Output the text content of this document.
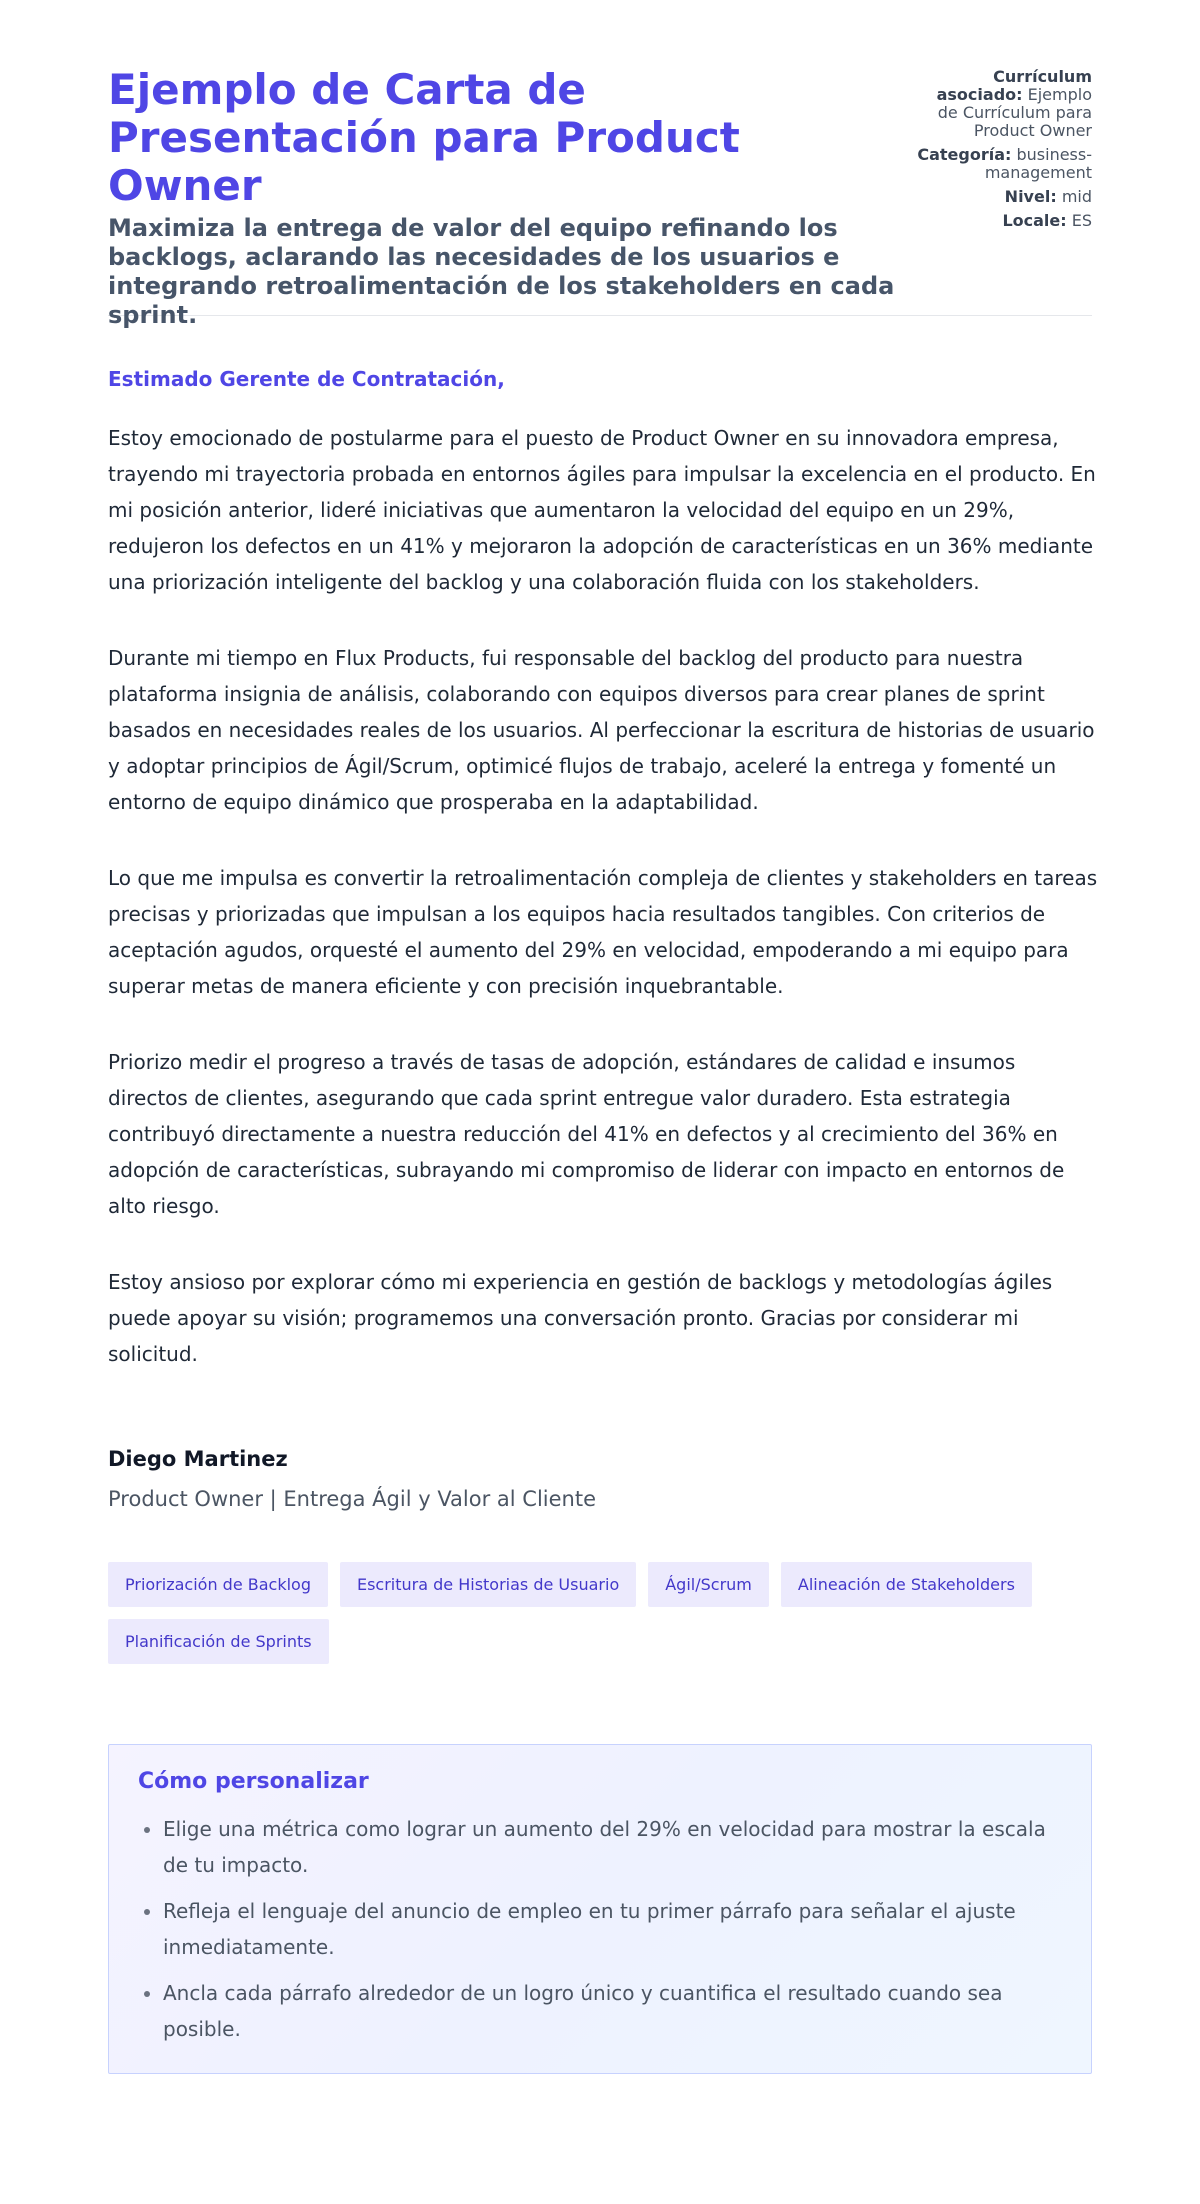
Ejemplo de Carta de Presentación para Product Owner
Maximiza la entrega de valor del equipo refinando los backlogs, aclarando las necesidades de los usuarios e integrando retroalimentación de los stakeholders en cada sprint.
Currículum asociado: Ejemplo de Currículum para Product Owner
Categoría: business-management
Nivel: mid
Locale: ES

Estimado Gerente de Contratación,

Estoy emocionado de postularme para el puesto de Product Owner en su innovadora empresa, trayendo mi trayectoria probada en entornos ágiles para impulsar la excelencia en el producto. En mi posición anterior, lideré iniciativas que aumentaron la velocidad del equipo en un 29%, redujeron los defectos en un 41% y mejoraron la adopción de características en un 36% mediante una priorización inteligente del backlog y una colaboración fluida con los stakeholders.

Durante mi tiempo en Flux Products, fui responsable del backlog del producto para nuestra plataforma insignia de análisis, colaborando con equipos diversos para crear planes de sprint basados en necesidades reales de los usuarios. Al perfeccionar la escritura de historias de usuario y adoptar principios de Ágil/Scrum, optimicé flujos de trabajo, aceleré la entrega y fomenté un entorno de equipo dinámico que prosperaba en la adaptabilidad.

Lo que me impulsa es convertir la retroalimentación compleja de clientes y stakeholders en tareas precisas y priorizadas que impulsan a los equipos hacia resultados tangibles. Con criterios de aceptación agudos, orquesté el aumento del 29% en velocidad, empoderando a mi equipo para superar metas de manera eficiente y con precisión inquebrantable.

Priorizo medir el progreso a través de tasas de adopción, estándares de calidad e insumos directos de clientes, asegurando que cada sprint entregue valor duradero. Esta estrategia contribuyó directamente a nuestra reducción del 41% en defectos y al crecimiento del 36% en adopción de características, subrayando mi compromiso de liderar con impacto en entornos de alto riesgo.

Estoy ansioso por explorar cómo mi experiencia en gestión de backlogs y metodologías ágiles puede apoyar su visión; programemos una conversación pronto. Gracias por considerar mi solicitud.

Diego Martinez
Product Owner | Entrega Ágil y Valor al Cliente
Priorización de Backlog	Escritura de Historias de Usuario	Ágil/Scrum	Alineación de Stakeholders
Planificación de Sprints
Cómo personalizar
• Elige una métrica como lograr un aumento del 29% en velocidad para mostrar la escala de tu impacto.
• Refleja el lenguaje del anuncio de empleo en tu primer párrafo para señalar el ajuste inmediatamente.
• Ancla cada párrafo alrededor de un logro único y cuantifica el resultado cuando sea posible.
